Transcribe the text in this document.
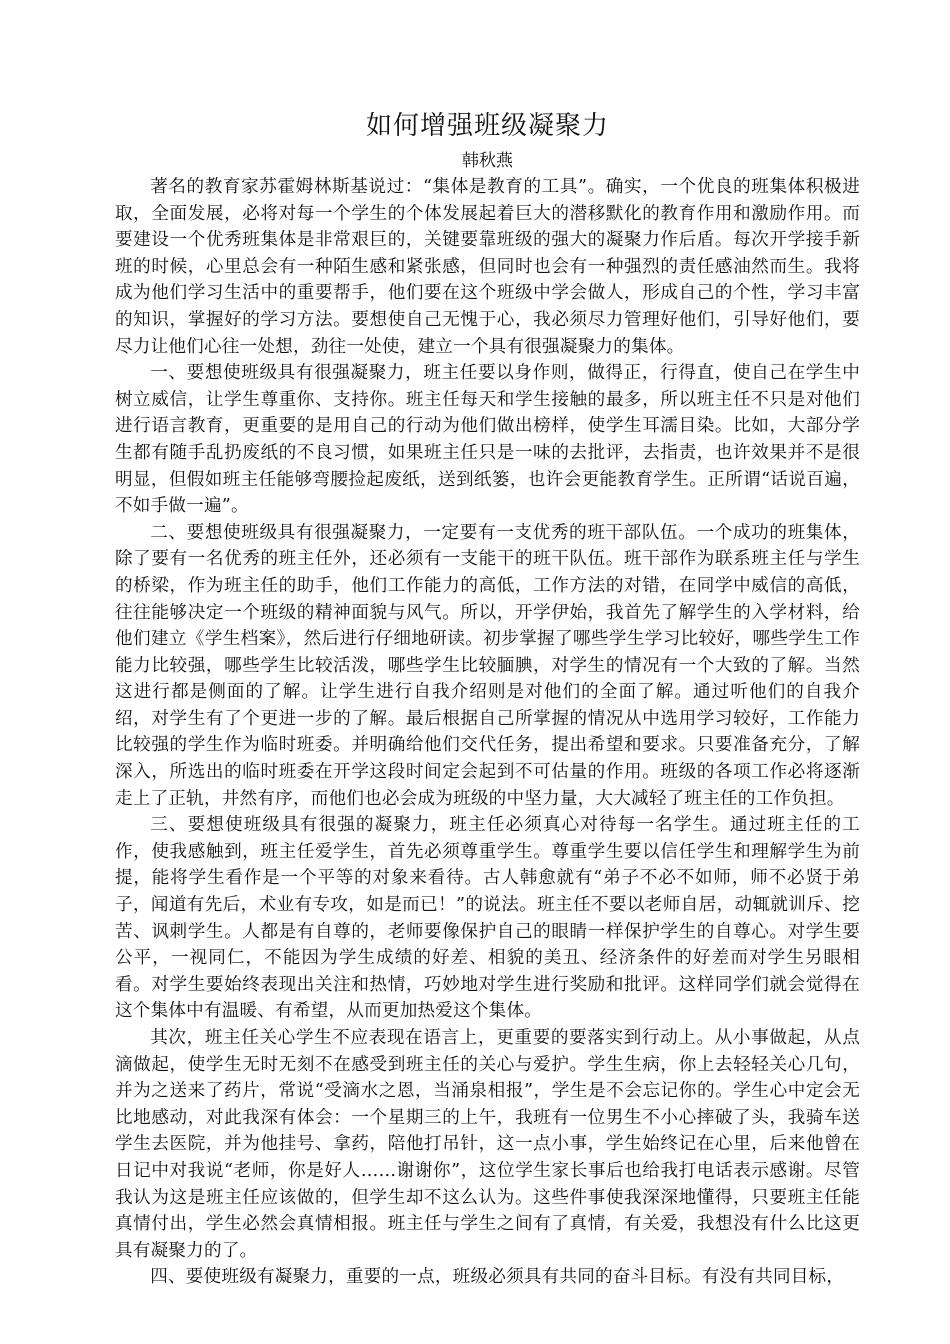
如何增强班级凝聚力

韩秋燕

著名的教育家苏霍姆林斯基说过：“集体是教育的工具”。确实，一个优良的班集体积极进取，全面发展，必将对每一个学生的个体发展起着巨大的潜移默化的教育作用和激励作用。而要建设一个优秀班集体是非常艰巨的，关键要靠班级的强大的凝聚力作后盾。每次开学接手新班的时候，心里总会有一种陌生感和紧张感，但同时也会有一种强烈的责任感油然而生。我将成为他们学习生活中的重要帮手，他们要在这个班级中学会做人，形成自己的个性，学习丰富的知识，掌握好的学习方法。要想使自己无愧于心，我必须尽力管理好他们，引导好他们，要尽力让他们心往一处想，劲往一处使，建立一个具有很强凝聚力的集体。

一、要想使班级具有很强凝聚力，班主任要以身作则，做得正，行得直，使自己在学生中树立威信，让学生尊重你、支持你。班主任每天和学生接触的最多，所以班主任不只是对他们进行语言教育，更重要的是用自己的行动为他们做出榜样，使学生耳濡目染。比如，大部分学生都有随手乱扔废纸的不良习惯，如果班主任只是一味的去批评，去指责，也许效果并不是很明显，但假如班主任能够弯腰捡起废纸，送到纸篓，也许会更能教育学生。正所谓“话说百遍，不如手做一遍”。

二、要想使班级具有很强凝聚力，一定要有一支优秀的班干部队伍。一个成功的班集体，除了要有一名优秀的班主任外，还必须有一支能干的班干队伍。班干部作为联系班主任与学生的桥梁，作为班主任的助手，他们工作能力的高低，工作方法的对错，在同学中威信的高低，往往能够决定一个班级的精神面貌与风气。所以，开学伊始，我首先了解学生的入学材料，给他们建立《学生档案》，然后进行仔细地研读。初步掌握了哪些学生学习比较好，哪些学生工作能力比较强，哪些学生比较活泼，哪些学生比较腼腆，对学生的情况有一个大致的了解。当然这进行都是侧面的了解。让学生进行自我介绍则是对他们的全面了解。通过听他们的自我介绍，对学生有了个更进一步的了解。最后根据自己所掌握的情况从中选用学习较好，工作能力比较强的学生作为临时班委。并明确给他们交代任务，提出希望和要求。只要准备充分，了解深入，所选出的临时班委在开学这段时间定会起到不可估量的作用。班级的各项工作必将逐渐走上了正轨，井然有序，而他们也必会成为班级的中坚力量，大大减轻了班主任的工作负担。

三、要想使班级具有很强的凝聚力，班主任必须真心对待每一名学生。通过班主任的工作，使我感触到，班主任爱学生，首先必须尊重学生。尊重学生要以信任学生和理解学生为前提，能将学生看作是一个平等的对象来看待。古人韩愈就有“弟子不必不如师，师不必贤于弟子，闻道有先后，术业有专攻，如是而已！”的说法。班主任不要以老师自居，动辄就训斥、挖苦、讽刺学生。人都是有自尊的，老师要像保护自己的眼睛一样保护学生的自尊心。对学生要公平，一视同仁，不能因为学生成绩的好差、相貌的美丑、经济条件的好差而对学生另眼相看。对学生要始终表现出关注和热情，巧妙地对学生进行奖励和批评。这样同学们就会觉得在这个集体中有温暖、有希望，从而更加热爱这个集体。

其次，班主任关心学生不应表现在语言上，更重要的要落实到行动上。从小事做起，从点滴做起，使学生无时无刻不在感受到班主任的关心与爱护。学生生病，你上去轻轻关心几句，并为之送来了药片，常说“受滴水之恩，当涌泉相报”，学生是不会忘记你的。学生心中定会无比地感动，对此我深有体会：一个星期三的上午，我班有一位男生不小心摔破了头，我骑车送学生去医院，并为他挂号、拿药，陪他打吊针，这一点小事，学生始终记在心里，后来他曾在日记中对我说“老师，你是好人……谢谢你”，这位学生家长事后也给我打电话表示感谢。尽管我认为这是班主任应该做的，但学生却不这么认为。这些件事使我深深地懂得，只要班主任能真情付出，学生必然会真情相报。班主任与学生之间有了真情，有关爱，我想没有什么比这更具有凝聚力的了。

四、要使班级有凝聚力，重要的一点，班级必须具有共同的奋斗目标。有没有共同目标，
